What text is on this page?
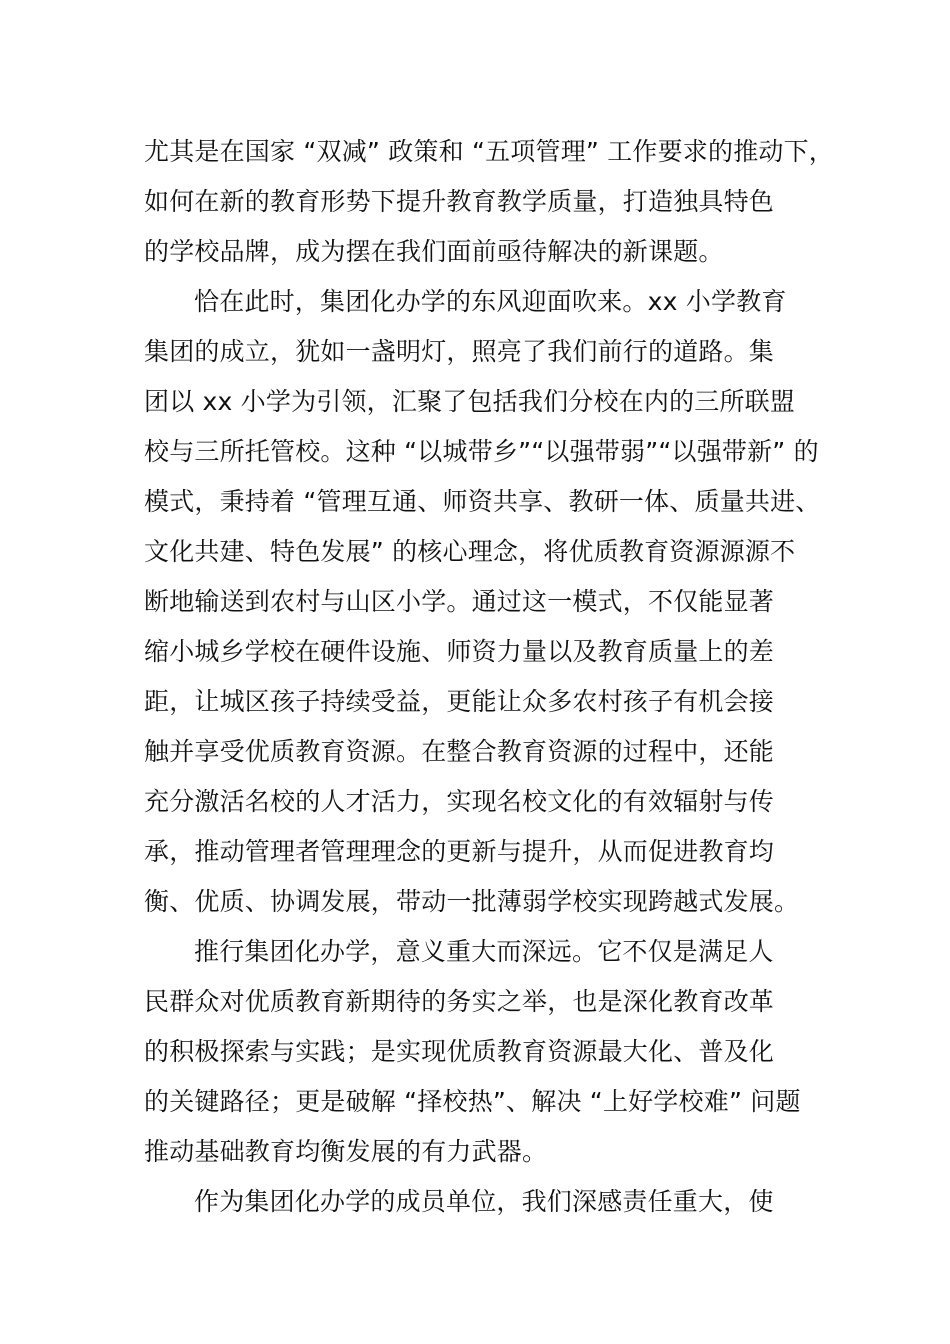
尤其是在国家 “双减” 政策和 “五项管理” 工作要求的推动下，
如何在新的教育形势下提升教育教学质量，打造独具特色
的学校品牌，成为摆在我们面前亟待解决的新课题。
恰在此时，集团化办学的东风迎面吹来。xx 小学教育
集团的成立，犹如一盏明灯，照亮了我们前行的道路。集
团以 xx 小学为引领，汇聚了包括我们分校在内的三所联盟
校与三所托管校。这种 “以城带乡”“以强带弱”“以强带新” 的
模式，秉持着 “管理互通、师资共享、教研一体、质量共进、
文化共建、特色发展” 的核心理念，将优质教育资源源源不
断地输送到农村与山区小学。通过这一模式，不仅能显著
缩小城乡学校在硬件设施、师资力量以及教育质量上的差
距，让城区孩子持续受益，更能让众多农村孩子有机会接
触并享受优质教育资源。在整合教育资源的过程中，还能
充分激活名校的人才活力，实现名校文化的有效辐射与传
承，推动管理者管理理念的更新与提升，从而促进教育均
衡、优质、协调发展，带动一批薄弱学校实现跨越式发展。
推行集团化办学，意义重大而深远。它不仅是满足人
民群众对优质教育新期待的务实之举，也是深化教育改革
的积极探索与实践；是实现优质教育资源最大化、普及化
的关键路径；更是破解 “择校热”、解决 “上好学校难” 问题
推动基础教育均衡发展的有力武器。
作为集团化办学的成员单位，我们深感责任重大，使
